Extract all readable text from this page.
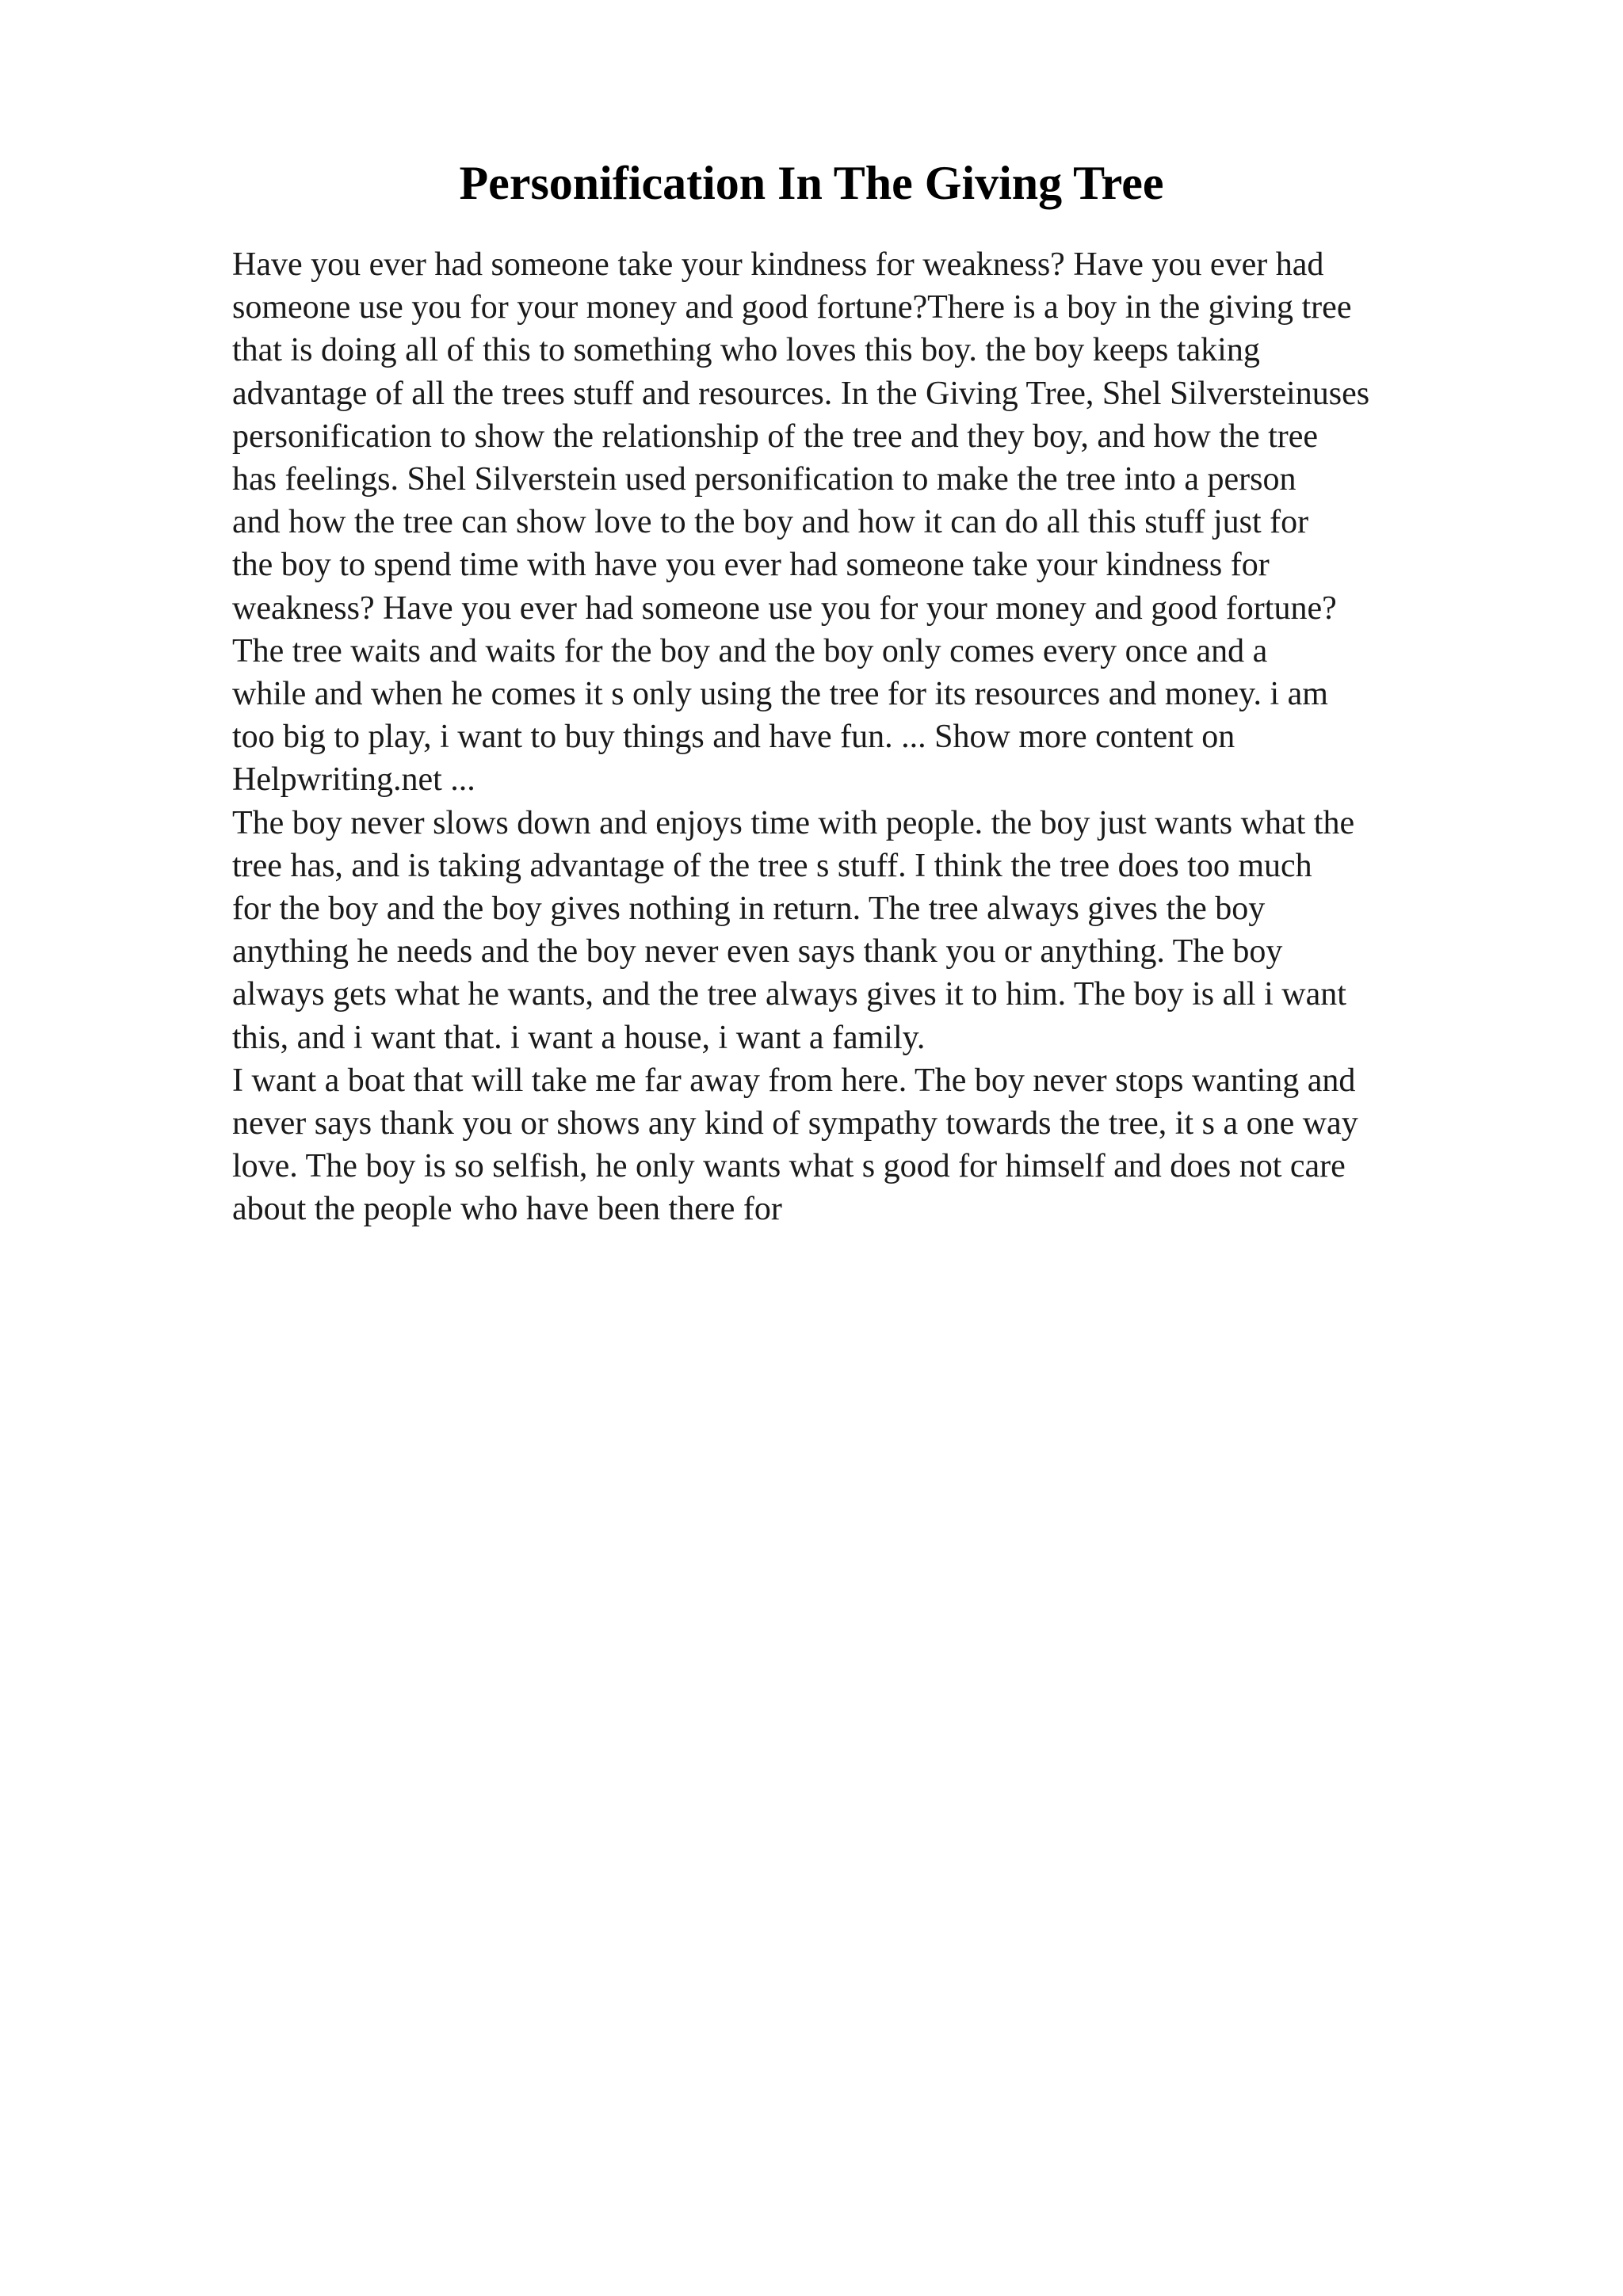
Personification In The Giving Tree

Have you ever had someone take your kindness for weakness? Have you ever had
someone use you for your money and good fortune?There is a boy in the giving tree
that is doing all of this to something who loves this boy. the boy keeps taking
advantage of all the trees stuff and resources. In the Giving Tree, Shel Silversteinuses
personification to show the relationship of the tree and they boy, and how the tree
has feelings. Shel Silverstein used personification to make the tree into a person
and how the tree can show love to the boy and how it can do all this stuff just for
the boy to spend time with have you ever had someone take your kindness for
weakness? Have you ever had someone use you for your money and good fortune?
The tree waits and waits for the boy and the boy only comes every once and a
while and when he comes it s only using the tree for its resources and money. i am
too big to play, i want to buy things and have fun. ... Show more content on
Helpwriting.net ...

The boy never slows down and enjoys time with people. the boy just wants what the
tree has, and is taking advantage of the tree s stuff. I think the tree does too much
for the boy and the boy gives nothing in return. The tree always gives the boy
anything he needs and the boy never even says thank you or anything. The boy
always gets what he wants, and the tree always gives it to him. The boy is all i want
this, and i want that. i want a house, i want a family.

I want a boat that will take me far away from here. The boy never stops wanting and
never says thank you or shows any kind of sympathy towards the tree, it s a one way
love. The boy is so selfish, he only wants what s good for himself and does not care
about the people who have been there for
